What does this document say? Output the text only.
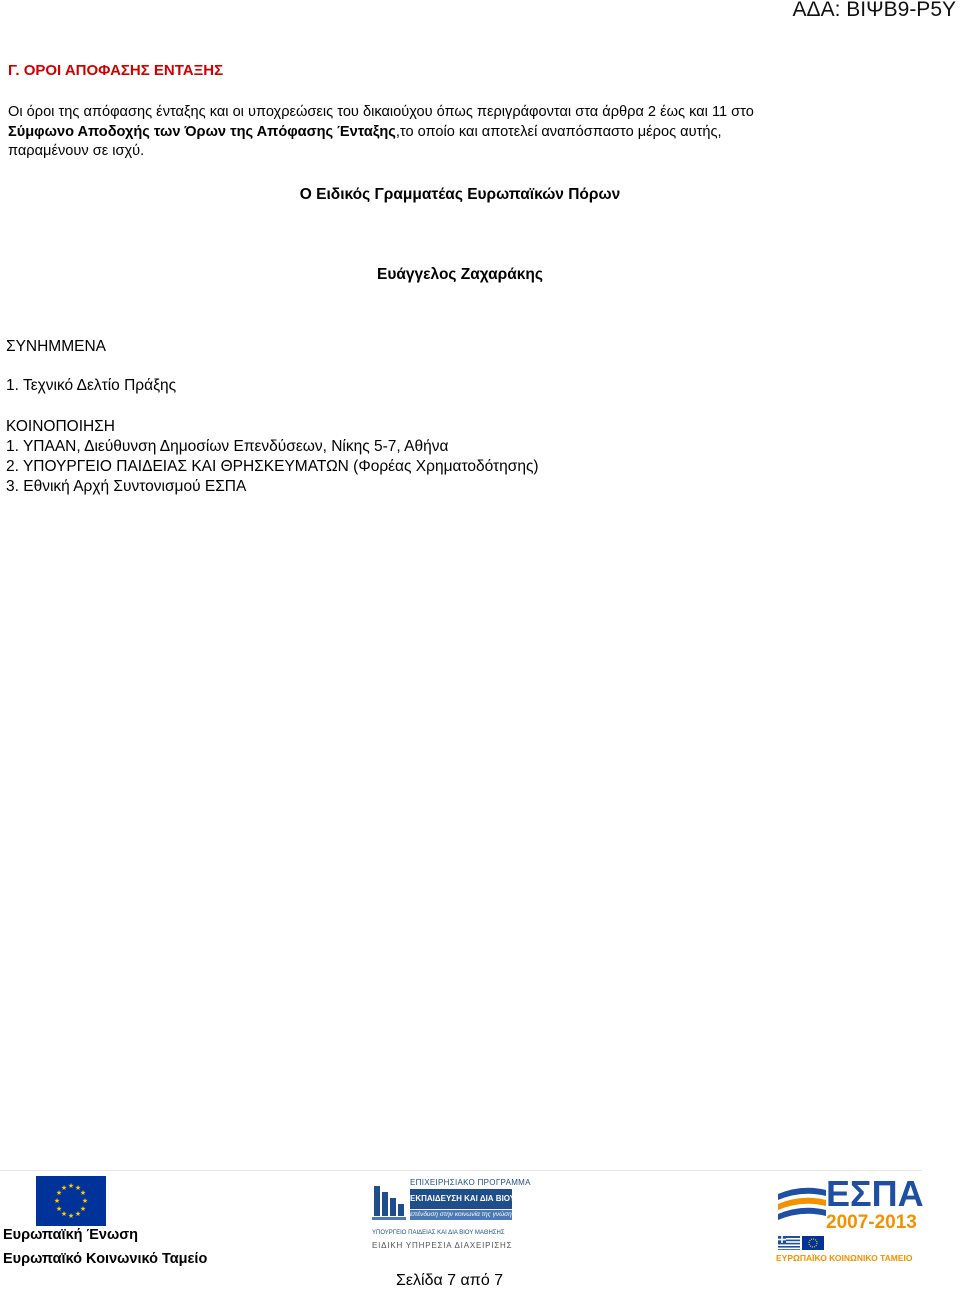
ΑΔΑ: ΒΙΨΒ9-Ρ5Υ
Γ. ΟΡΟΙ ΑΠΟΦΑΣΗΣ ΕΝΤΑΞΗΣ
Οι όροι της απόφασης ένταξης και οι υποχρεώσεις του δικαιούχου όπως περιγράφονται στα άρθρα 2 έως και 11 στο
Σύμφωνο Αποδοχής των Όρων της Απόφασης Ένταξης,το οποίο και αποτελεί αναπόσπαστο μέρος αυτής,
παραμένουν σε ισχύ.
Ο Ειδικός Γραμματέας Ευρωπαϊκών Πόρων
Ευάγγελος Ζαχαράκης
ΣΥΝΗΜΜΕΝΑ
1. Τεχνικό Δελτίο Πράξης
ΚΟΙΝΟΠΟΙΗΣΗ
1. ΥΠΑΑΝ, Διεύθυνση Δημοσίων Επενδύσεων, Νίκης 5-7, Αθήνα
2. ΥΠΟΥΡΓΕΙΟ ΠΑΙΔΕΙΑΣ ΚΑΙ ΘΡΗΣΚΕΥΜΑΤΩΝ (Φορέας Χρηματοδότησης)
3. Εθνική Αρχή Συντονισμού ΕΣΠΑ
★ ★
★
★
★
★
★
★
★
★
★
★
Ευρωπαϊκή Ένωση
Ευρωπαϊκό Κοινωνικό Ταμείο
ΕΠΙΧΕΙΡΗΣΙΑΚΟ ΠΡΟΓΡΑΜΜΑ
ΕΚΠΑΙΔΕΥΣΗ ΚΑΙ ΔΙΑ ΒΙΟΥ ΜΑΘΗΣΗ
επένδυση στην κοινωνία της γνώσης
ΥΠΟΥΡΓΕΙΟ ΠΑΙΔΕΙΑΣ ΚΑΙ ΔΙΑ ΒΙΟΥ ΜΑΘΗΣΗΣ
ΕΙΔΙΚΗ ΥΠΗΡΕΣΙΑ ΔΙΑΧΕΙΡΙΣΗΣ
ΕΣΠΑ
2007-2013
ΕΥΡΩΠΑΪΚΟ ΚΟΙΝΩΝΙΚΟ ΤΑΜΕΙΟ
Σελίδα 7 από 7
